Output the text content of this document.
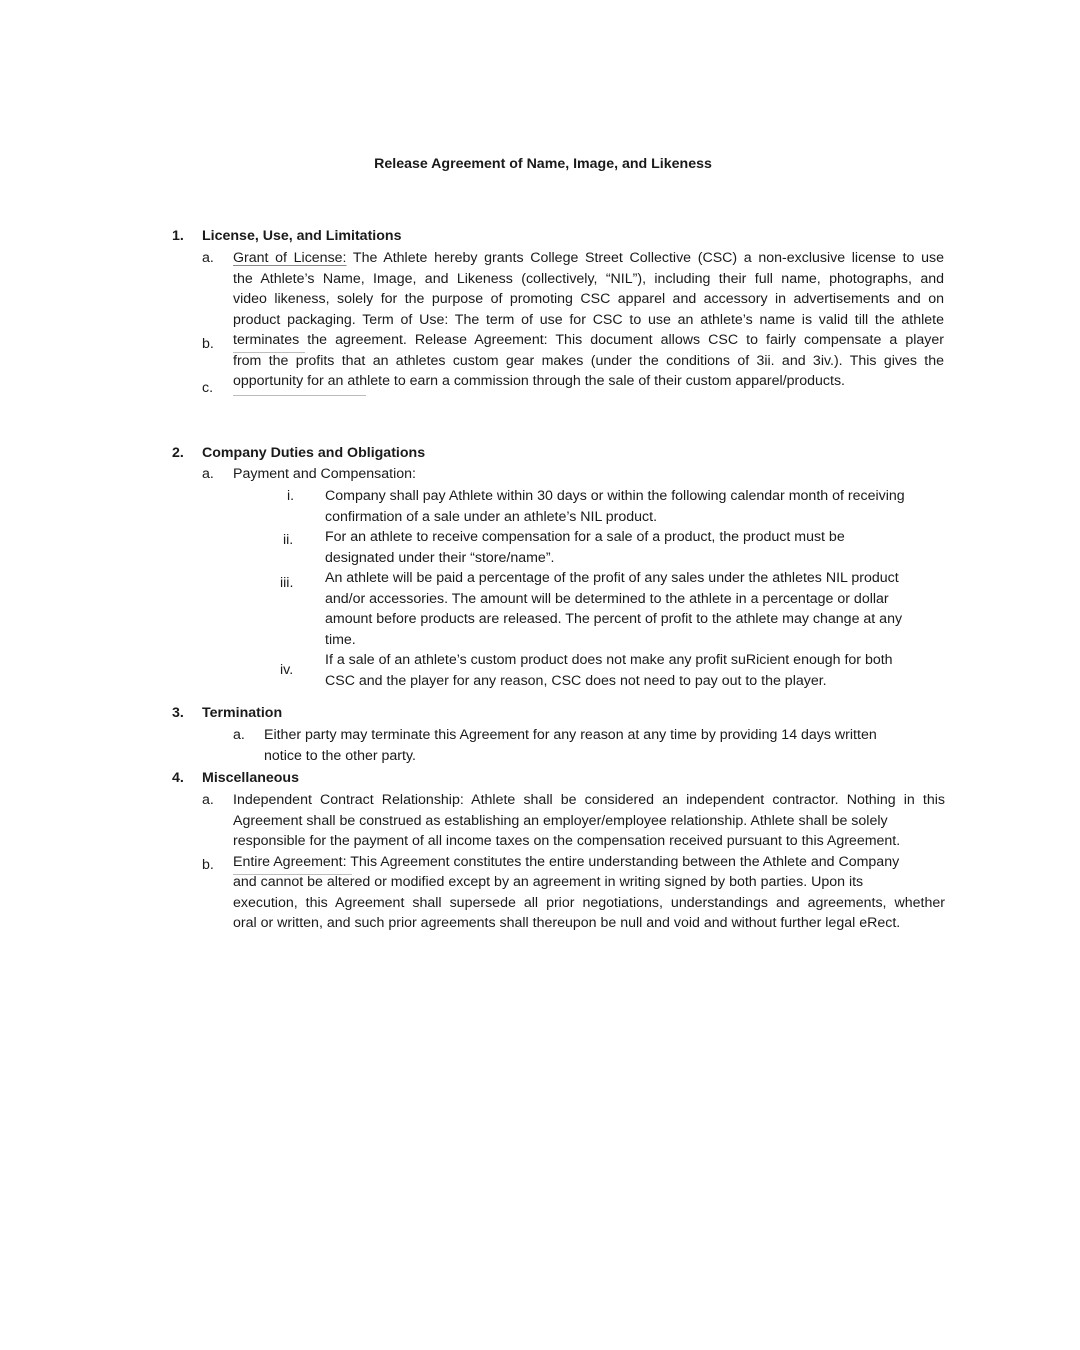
Release Agreement of Name, Image, and Likeness
1. License, Use, and Limitations
a.
b.
c.
Grant of License: The Athlete hereby grants College Street Collective (CSC) a non-exclusive license to use
the Athlete’s Name, Image, and Likeness (collectively, “NIL”), including their full name, photographs, and
video likeness, solely for the purpose of promoting CSC apparel and accessory in advertisements and on
product packaging. Term of Use: The term of use for CSC to use an athlete’s name is valid till the athlete
terminates the agreement. Release Agreement: This document allows CSC to fairly compensate a player
from the profits that an athletes custom gear makes (under the conditions of 3ii. and 3iv.). This gives the
opportunity for an athlete to earn a commission through the sale of their custom apparel/products.
2. Company Duties and Obligations
a. Payment and Compensation:
i. Company shall pay Athlete within 30 days or within the following calendar month of receiving
confirmation of a sale under an athlete’s NIL product.
ii. For an athlete to receive compensation for a sale of a product, the product must be
designated under their “store/name”.
iii. An athlete will be paid a percentage of the profit of any sales under the athletes NIL product
and/or accessories. The amount will be determined to the athlete in a percentage or dollar
amount before products are released. The percent of profit to the athlete may change at any
time.
iv.
If a sale of an athlete’s custom product does not make any profit suRicient enough for both
CSC and the player for any reason, CSC does not need to pay out to the player.
3. Termination
a. Either party may terminate this Agreement for any reason at any time by providing 14 days written
notice to the other party.
4. Miscellaneous
a. Independent Contract Relationship: Athlete shall be considered an independent contractor. Nothing in this
Agreement shall be construed as establishing an employer/employee relationship. Athlete shall be solely
responsible for the payment of all income taxes on the compensation received pursuant to this Agreement.
b. Entire Agreement: This Agreement constitutes the entire understanding between the Athlete and Company
and cannot be altered or modified except by an agreement in writing signed by both parties. Upon its
execution, this Agreement shall supersede all prior negotiations, understandings and agreements, whether
oral or written, and such prior agreements shall thereupon be null and void and without further legal eRect.
